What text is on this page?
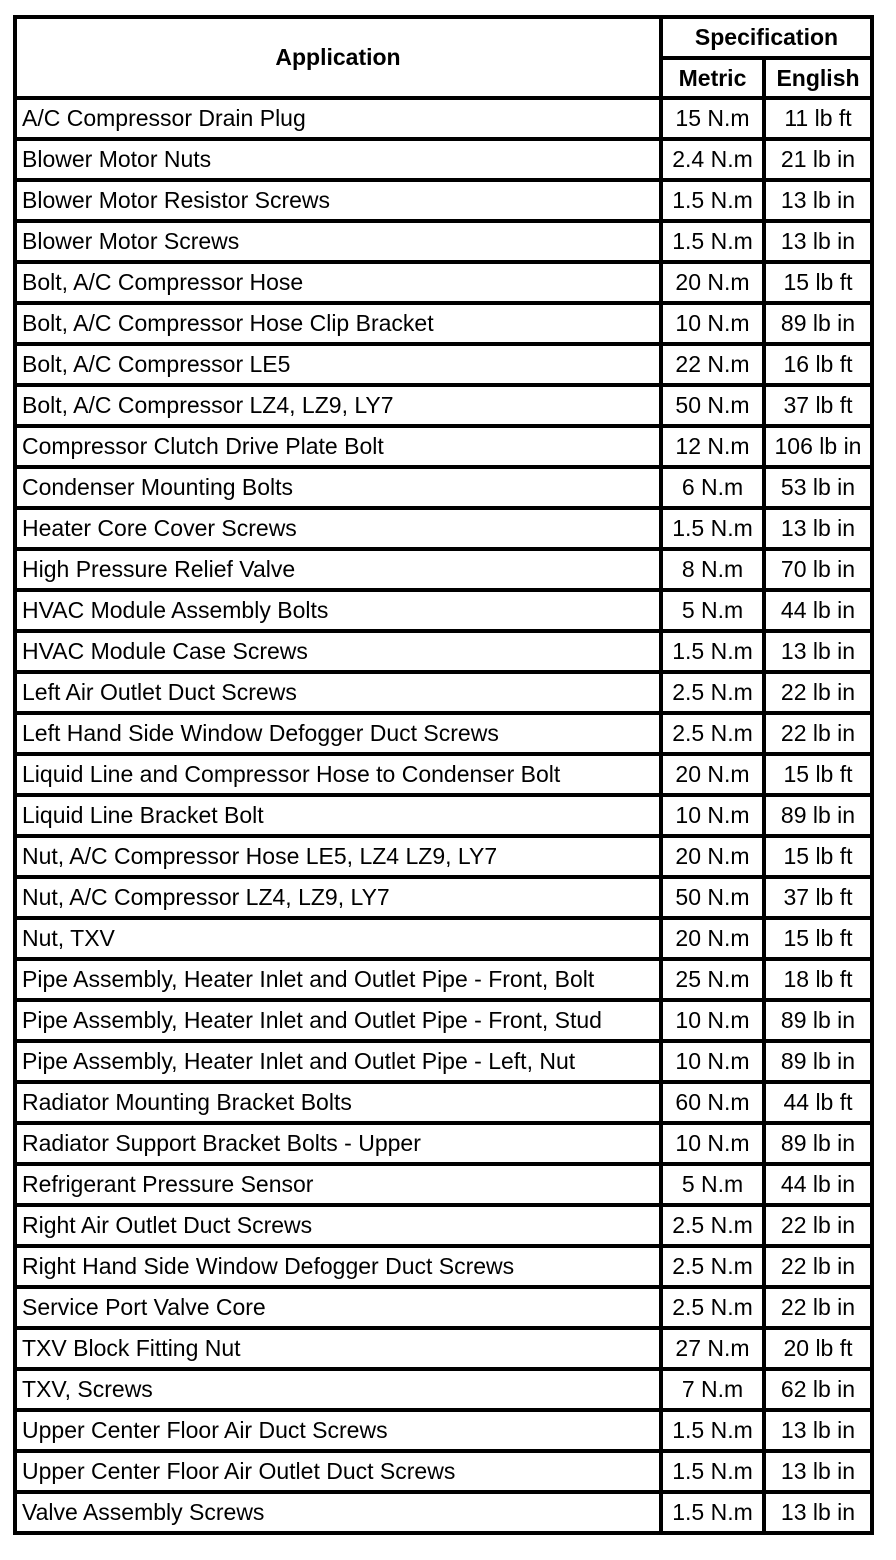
Application	Specification	
	Metric	English
A/C Compressor Drain Plug	15 N.m	11 lb ft
Blower Motor Nuts	2.4 N.m	21 lb in
Blower Motor Resistor Screws	1.5 N.m	13 lb in
Blower Motor Screws	1.5 N.m	13 lb in
Bolt, A/C Compressor Hose	20 N.m	15 lb ft
Bolt, A/C Compressor Hose Clip Bracket	10 N.m	89 lb in
Bolt, A/C Compressor LE5	22 N.m	16 lb ft
Bolt, A/C Compressor LZ4, LZ9, LY7	50 N.m	37 lb ft
Compressor Clutch Drive Plate Bolt	12 N.m	106 lb in
Condenser Mounting Bolts	6 N.m	53 lb in
Heater Core Cover Screws	1.5 N.m	13 lb in
High Pressure Relief Valve	8 N.m	70 lb in
HVAC Module Assembly Bolts	5 N.m	44 lb in
HVAC Module Case Screws	1.5 N.m	13 lb in
Left Air Outlet Duct Screws	2.5 N.m	22 lb in
Left Hand Side Window Defogger Duct Screws	2.5 N.m	22 lb in
Liquid Line and Compressor Hose to Condenser Bolt	20 N.m	15 lb ft
Liquid Line Bracket Bolt	10 N.m	89 lb in
Nut, A/C Compressor Hose LE5, LZ4 LZ9, LY7	20 N.m	15 lb ft
Nut, A/C Compressor LZ4, LZ9, LY7	50 N.m	37 lb ft
Nut, TXV	20 N.m	15 lb ft
Pipe Assembly, Heater Inlet and Outlet Pipe - Front, Bolt	25 N.m	18 lb ft
Pipe Assembly, Heater Inlet and Outlet Pipe - Front, Stud	10 N.m	89 lb in
Pipe Assembly, Heater Inlet and Outlet Pipe - Left, Nut	10 N.m	89 lb in
Radiator Mounting Bracket Bolts	60 N.m	44 lb ft
Radiator Support Bracket Bolts - Upper	10 N.m	89 lb in
Refrigerant Pressure Sensor	5 N.m	44 lb in
Right Air Outlet Duct Screws	2.5 N.m	22 lb in
Right Hand Side Window Defogger Duct Screws	2.5 N.m	22 lb in
Service Port Valve Core	2.5 N.m	22 lb in
TXV Block Fitting Nut	27 N.m	20 lb ft
TXV, Screws	7 N.m	62 lb in
Upper Center Floor Air Duct Screws	1.5 N.m	13 lb in
Upper Center Floor Air Outlet Duct Screws	1.5 N.m	13 lb in
Valve Assembly Screws	1.5 N.m	13 lb in
